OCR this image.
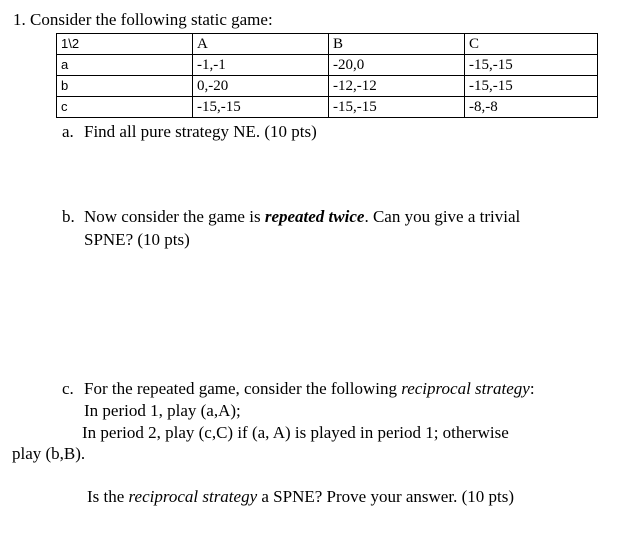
1. Consider the following static game:
1\2	A	B	C
a	-1,-1	-20,0	-15,-15
b	0,-20	-12,-12	-15,-15
c	-15,-15	-15,-15	-8,-8
a. Find all pure strategy NE. (10 pts)
b. Now consider the game is repeated twice. Can you give a trivial
SPNE? (10 pts)
c. For the repeated game, consider the following reciprocal strategy:
In period 1, play (a,A);
In period 2, play (c,C) if (a, A) is played in period 1; otherwise
play (b,B).
Is the reciprocal strategy a SPNE? Prove your answer. (10 pts)
